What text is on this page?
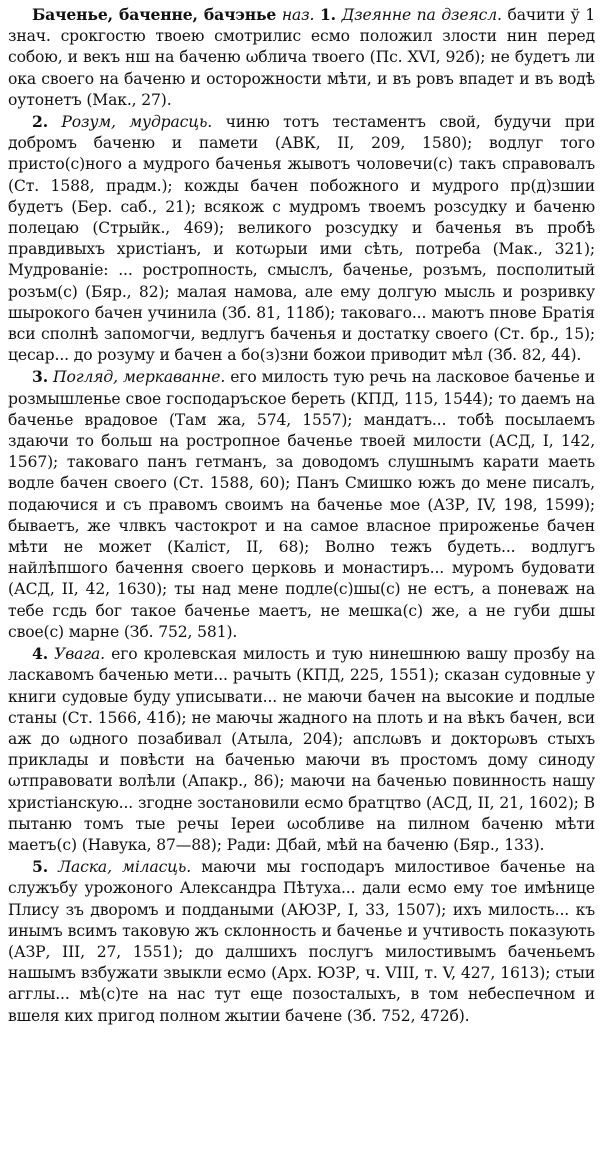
Баченье, баченне, бачэнье наз. 1. Дзеянне па дзеясл. бачити ў 1 знач. срокгостю твоею смотрилис есмо положил злости нин перед собою, и векъ нш на баченю ωблича твоего (Пс. XVI, 92б); не будетъ ли ока своего на баченю и осторожности мѣти, и въ ровъ впадет и въ водѣ оутонетъ (Мак., 27).

2. Розум, мудрасць. чиню тотъ тестаментъ свой, будучи при добромъ баченю и памети (АВК, II, 209, 1580); водлуг того присто(с)ного а мудрого баченья жывотъ чоловечи(с) такъ справовалъ (Ст. 1588, прадм.); кожды бачен побожного и мудрого пр(д)зшии будетъ (Бер. саб., 21); всякож с мудромъ твоемъ розсудку и баченю полецаю (Стрыйк., 469); великого розсудку и баченья въ пробѣ правдивыхъ христіанъ, и котωрыи ими сѣть, потреба (Мак., 321); Мудрованіе: ... ростропность, смыслъ, баченье, розъмъ, посполитый розъм(с) (Бяр., 82); малая намова, але ему долгую мысль и розривку шырокого бачен учинила (Зб. 81, 118б); таковаго... маютъ пнове Братія вси сполнѣ запомогчи, ведлугъ баченья и достатку своего (Ст. бр., 15); цесар... до розуму и бачен а бо(з)зни божои приводит мѣл (Зб. 82, 44).

3. Погляд, меркаванне. его милость тую речь на ласковое баченье и розмышленье свое господаръское береть (КПД, 115, 1544); то даемъ на баченье врадовое (Там жа, 574, 1557); мандатъ... тобѣ посылаемъ здаючи то больш на ростропное баченье твоей милости (АСД, I, 142, 1567); таковаго панъ гетманъ, за доводомъ слушнымъ карати маеть водле бачен своего (Ст. 1588, 60); Панъ Смишко южъ до мене писалъ, подаючися и съ правомъ своимъ на баченье мое (АЗР, IV, 198, 1599); бываетъ, же члвкъ частокрот и на самое власное прироженье бачен мѣти не может (Каліст, II, 68); Волно тежъ будеть... водлугъ найлѣпшого бачення своего церковь и монастиръ... муромъ будовати (АСД, II, 42, 1630); ты над мене подле(с)шы(с) не естъ, а поневаж на тебе гсдь бог такое баченье маетъ, не мешка(с) же, а не губи дшы свое(с) марне (Зб. 752, 581).

4. Увага. его кролевская милость и тую нинешнюю вашу прозбу на ласкавомъ баченью мети... рачыть (КПД, 225, 1551); сказан судовные у книги судовые буду уписывати... не маючи бачен на высокие и подлые станы (Ст. 1566, 41б); не маючы жадного на плоть и на вѣкъ бачен, вси аж до ωдного позабивал (Атыла, 204); апслωвъ и докторωвъ стыхъ приклады и повѣсти на баченью маючи въ простомъ дому синоду ωтправовати волѣли (Апакр., 86); маючи на баченью повинность нашу христіанскую... згодне зостановили есмо братцтво (АСД, II, 21, 1602); В пытаню томъ тые речы Іереи ωсобливе на пилном баченю мѣти маетъ(с) (Навука, 87—88); Ради: Дбай, мѣй на баченю (Бяр., 133).

5. Ласка, міласць. маючи мы господаръ милостивое баченье на служъбу урожоного Александра Пѣтуха... дали есмо ему тое имѣнице Плису зъ дворомъ и поддаными (АЮЗР, I, 33, 1507); ихъ милость... къ инымъ всимъ таковую жъ склонность и баченье и учтивость показують (АЗР, III, 27, 1551); до далшихъ послугъ милостивымъ баченьемъ нашымъ взбужати звыкли есмо (Арх. ЮЗР, ч. VIII, т. V, 427, 1613); стыи агглы... мѣ(с)те на нас тут еще позосталыхъ, в том небеспечном и вшеля ких пригод полном жытии бачене (Зб. 752, 472б).
